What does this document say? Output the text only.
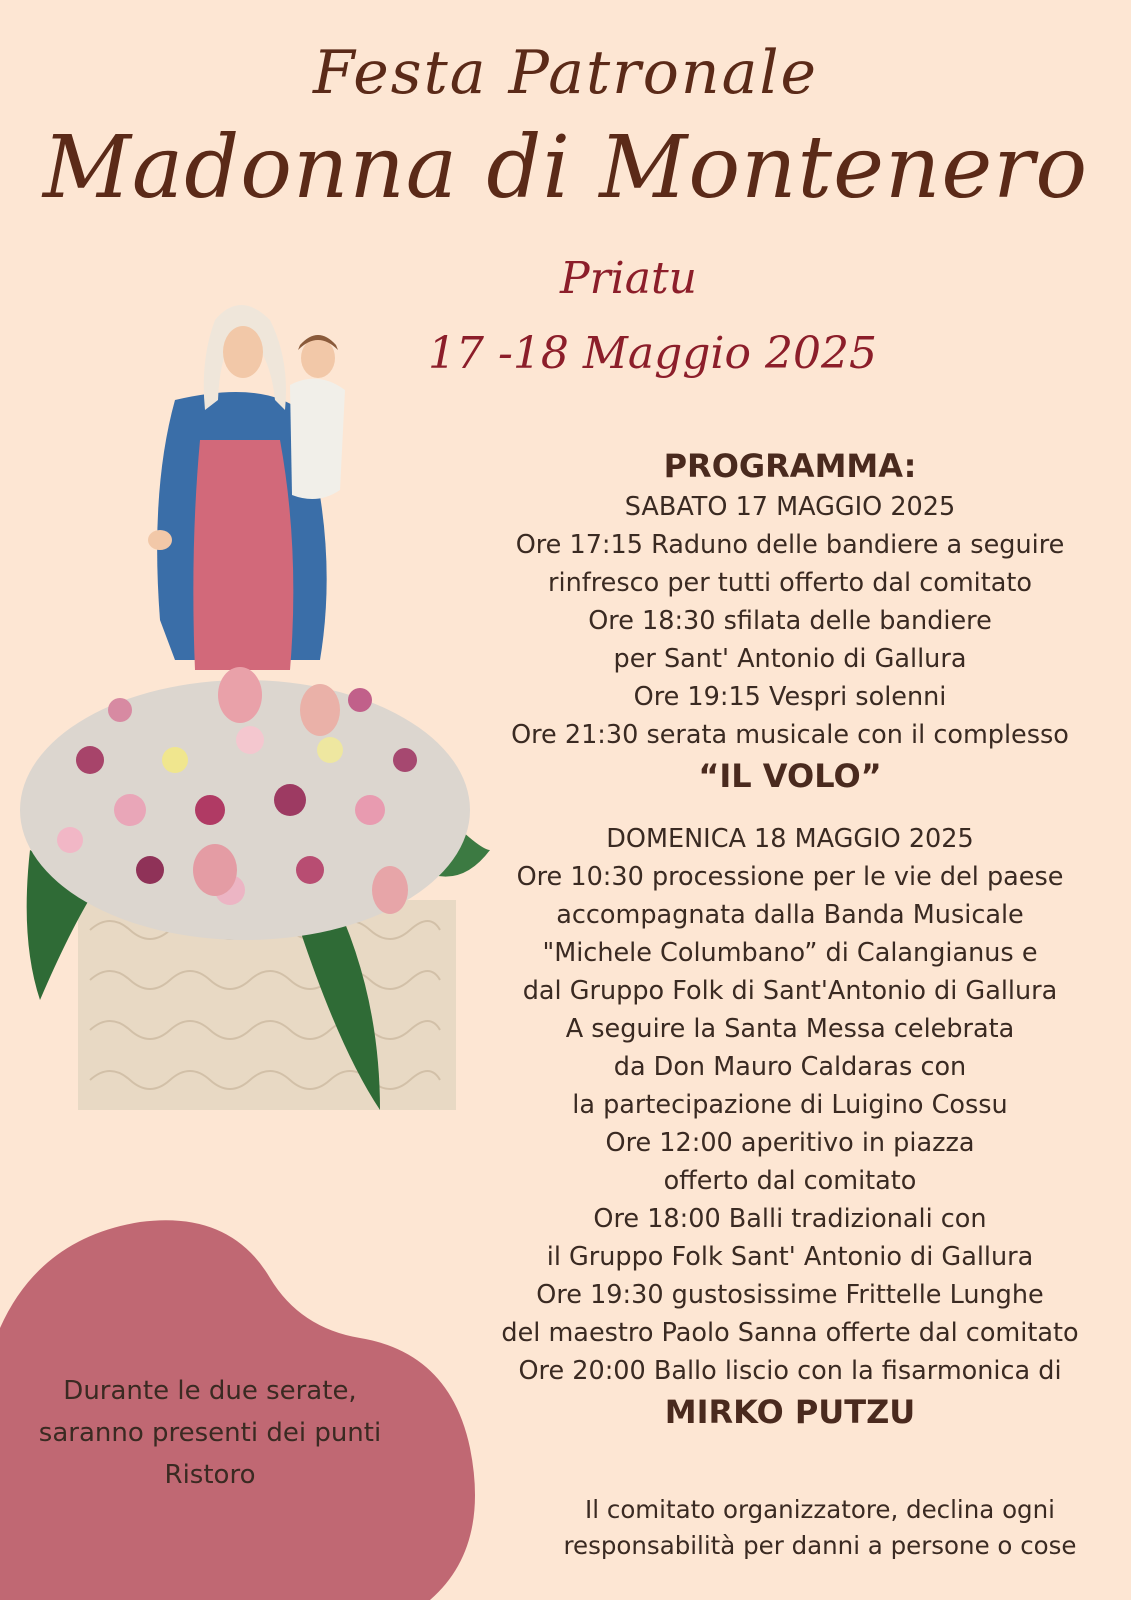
Festa Patronale
Madonna di Montenero
Priatu
17 -18 Maggio 2025
PROGRAMMA:
SABATO 17 MAGGIO 2025
Ore 17:15 Raduno delle bandiere a seguire
rinfresco per tutti offerto dal comitato
Ore 18:30 sfilata delle bandiere
per Sant' Antonio di Gallura
Ore 19:15 Vespri solenni
Ore 21:30 serata musicale con il complesso
“IL VOLO”
DOMENICA 18 MAGGIO 2025
Ore 10:30 processione per le vie del paese
accompagnata dalla Banda Musicale
"Michele Columbano” di Calangianus e
dal Gruppo Folk di Sant'Antonio di Gallura
A seguire la Santa Messa celebrata
da Don Mauro Caldaras con
la partecipazione di Luigino Cossu
Ore 12:00 aperitivo in piazza
offerto dal comitato
Ore 18:00 Balli tradizionali con
il Gruppo Folk Sant' Antonio di Gallura
Ore 19:30 gustosissime Frittelle Lunghe
del maestro Paolo Sanna offerte dal comitato
Ore 20:00 Ballo liscio con la fisarmonica di
MIRKO PUTZU
Durante le due serate,
saranno presenti dei punti
Ristoro
Il comitato organizzatore, declina ogni
responsabilità per danni a persone o cose
